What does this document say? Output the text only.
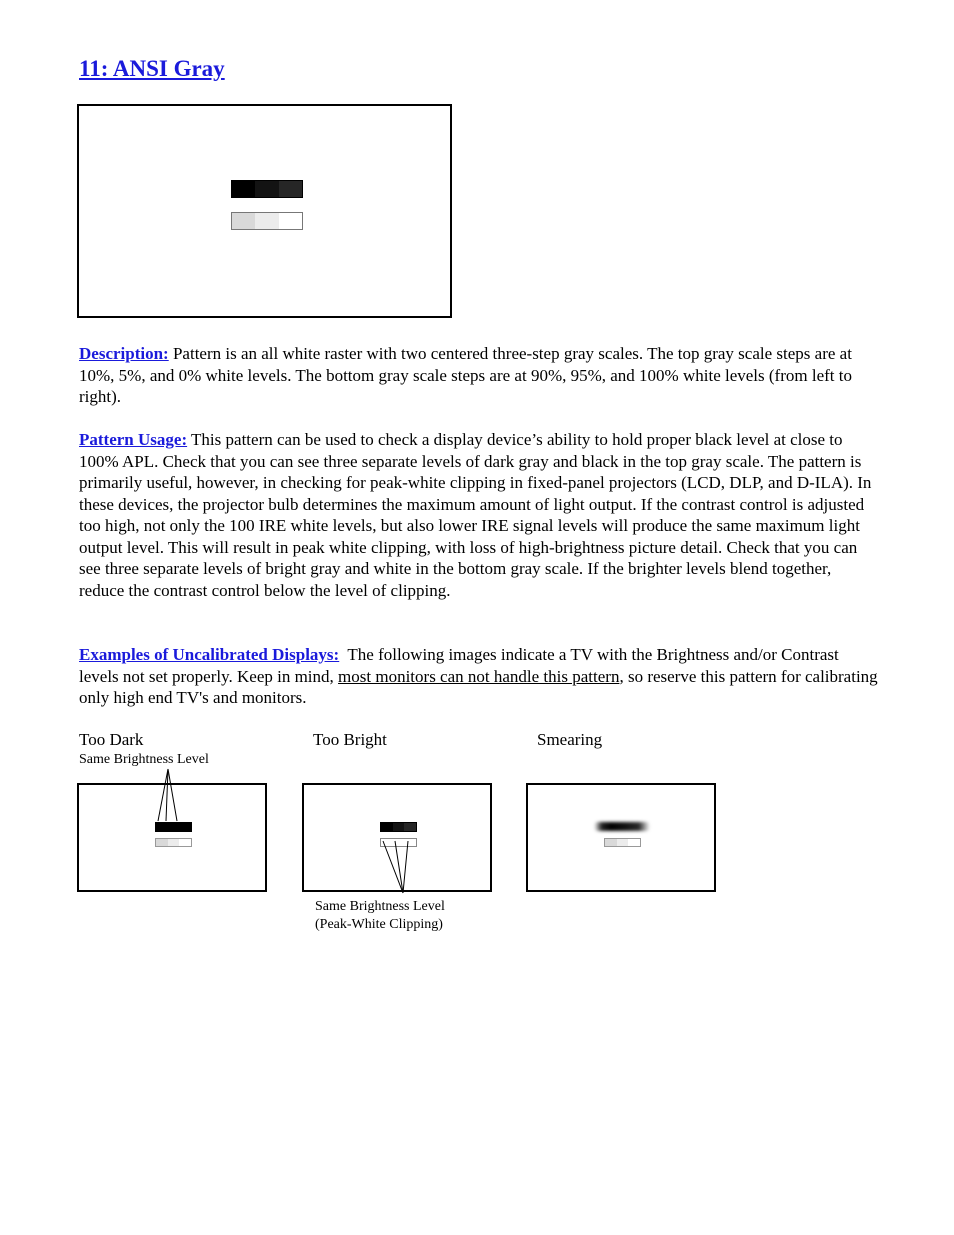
11: ANSI Gray

Description: Pattern is an all white raster with two centered three-step gray scales. The top gray scale steps are at 10%, 5%, and 0% white levels. The bottom gray scale steps are at 90%, 95%, and 100% white levels (from left to right).

Pattern Usage: This pattern can be used to check a display device’s ability to hold proper black level at close to 100% APL. Check that you can see three separate levels of dark gray and black in the top gray scale. The pattern is primarily useful, however, in checking for peak-white clipping in fixed-panel projectors (LCD, DLP, and D-ILA). In these devices, the projector bulb determines the maximum amount of light output. If the contrast control is adjusted too high, not only the 100 IRE white levels, but also lower IRE signal levels will produce the same maximum light output level. This will result in peak white clipping, with loss of high-brightness picture detail. Check that you can see three separate levels of bright gray and white in the bottom gray scale. If the brighter levels blend together, reduce the contrast control below the level of clipping.

Examples of Uncalibrated Displays:  The following images indicate a TV with the Brightness and/or Contrast levels not set properly. Keep in mind, most monitors can not handle this pattern, so reserve this pattern for calibrating only high end TV's and monitors.

Too Dark

Same Brightness Level

Too Bright	Smearing

Same Brightness Level
(Peak-White Clipping)
